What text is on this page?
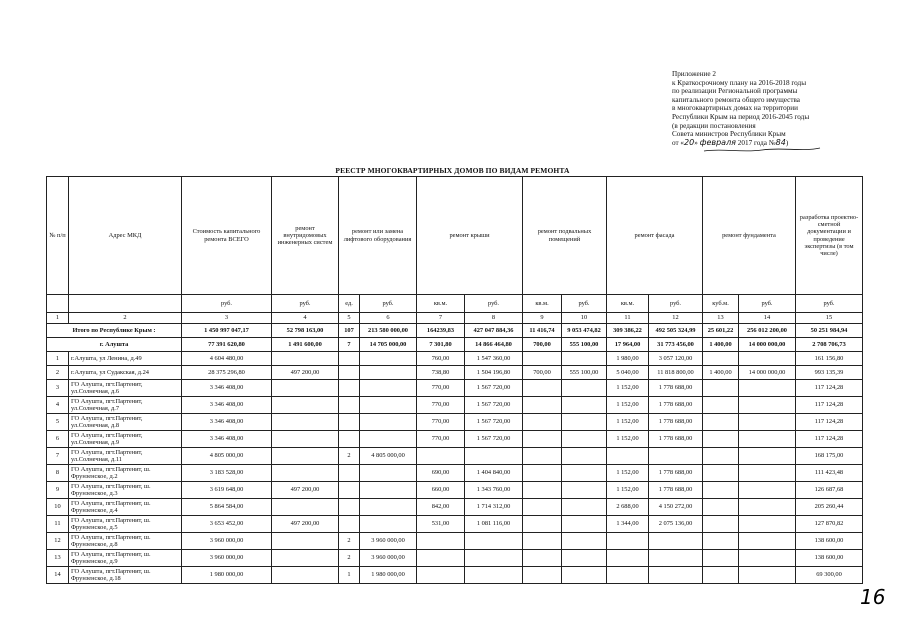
Приложение 2
к Краткосрочному плану на 2016-2018 годы
по реализации Региональной программы
капитального ремонта общего имущества
в многоквартирных домах на территории
Республики Крым на период 2016-2045 годы
(в редакции постановления
Совета министров Республики Крым
от «20» февраля 2017 года №84)
РЕЕСТР МНОГОКВАРТИРНЫХ ДОМОВ ПО ВИДАМ РЕМОНТА
№ п/п	Адрес МКД	Стоимость капитального ремонта ВСЕГО	ремонт внутридомовых инженерных систем	ремонт или замена лифтового оборудования		ремонт крыши		ремонт подвальных помещений		ремонт фасада		ремонт фундамента		разработка проектно-сметной документации и проведение экспертизы (в том числе)
		руб.	руб.	ед.	руб.	кв.м.	руб.	кв.м.	руб.	кв.м.	руб.	куб.м.	руб.	руб.
1	2	3	4	5	6	7	8	9	10	11	12	13	14	15
Итого по Республике Крым :		1 450 997 047,17	52 798 163,00	107	213 580 000,00	164239,83	427 047 884,36	11 416,74	9 053 474,82	309 386,22	492 505 324,99	25 601,22	256 012 200,00	50 251 984,94
г. Алушта		77 391 620,80	1 491 600,00	7	14 705 000,00	7 301,80	14 866 464,80	700,00	555 100,00	17 964,00	31 773 456,00	1 400,00	14 000 000,00	2 708 706,73
1	г.Алушта, ул Ленина, д.49	4 604 480,00				760,00	1 547 360,00			1 980,00	3 057 120,00			161 156,80
2	г.Алушта, ул Судакская, д.24	28 375 296,80	497 200,00			738,80	1 504 196,80	700,00	555 100,00	5 040,00	11 818 800,00	1 400,00	14 000 000,00	993 135,39
3	ГО Алушта, пгт.Партенит, ул.Солнечная, д.6	3 346 408,00				770,00	1 567 720,00			1 152,00	1 778 688,00			117 124,28
4	ГО Алушта, пгт.Партенит, ул.Солнечная, д.7	3 346 408,00				770,00	1 567 720,00			1 152,00	1 778 688,00			117 124,28
5	ГО Алушта, пгт.Партенит, ул.Солнечная, д.8	3 346 408,00				770,00	1 567 720,00			1 152,00	1 778 688,00			117 124,28
6	ГО Алушта, пгт.Партенит, ул.Солнечная, д.9	3 346 408,00				770,00	1 567 720,00			1 152,00	1 778 688,00			117 124,28
7	ГО Алушта, пгт.Партенит, ул.Солнечная, д.11	4 805 000,00		2	4 805 000,00									168 175,00
8	ГО Алушта, пгт.Партенит, ш. Фрунзенское, д.2	3 183 528,00				690,00	1 404 840,00			1 152,00	1 778 688,00			111 423,48
9	ГО Алушта, пгт.Партенит, ш. Фрунзенское, д.3	3 619 648,00	497 200,00			660,00	1 343 760,00			1 152,00	1 778 688,00			126 687,68
10	ГО Алушта, пгт.Партенит, ш. Фрунзенское, д.4	5 864 584,00				842,00	1 714 312,00			2 688,00	4 150 272,00			205 260,44
11	ГО Алушта, пгт.Партенит, ш. Фрунзенское, д.5	3 653 452,00	497 200,00			531,00	1 081 116,00			1 344,00	2 075 136,00			127 870,82
12	ГО Алушта, пгт.Партенит, ш. Фрунзенское, д.8	3 960 000,00		2	3 960 000,00									138 600,00
13	ГО Алушта, пгт.Партенит, ш. Фрунзенское, д.9	3 960 000,00		2	3 960 000,00									138 600,00
14	ГО Алушта, пгт.Партенит, ш. Фрунзенское, д.18	1 980 000,00		1	1 980 000,00									69 300,00
16
